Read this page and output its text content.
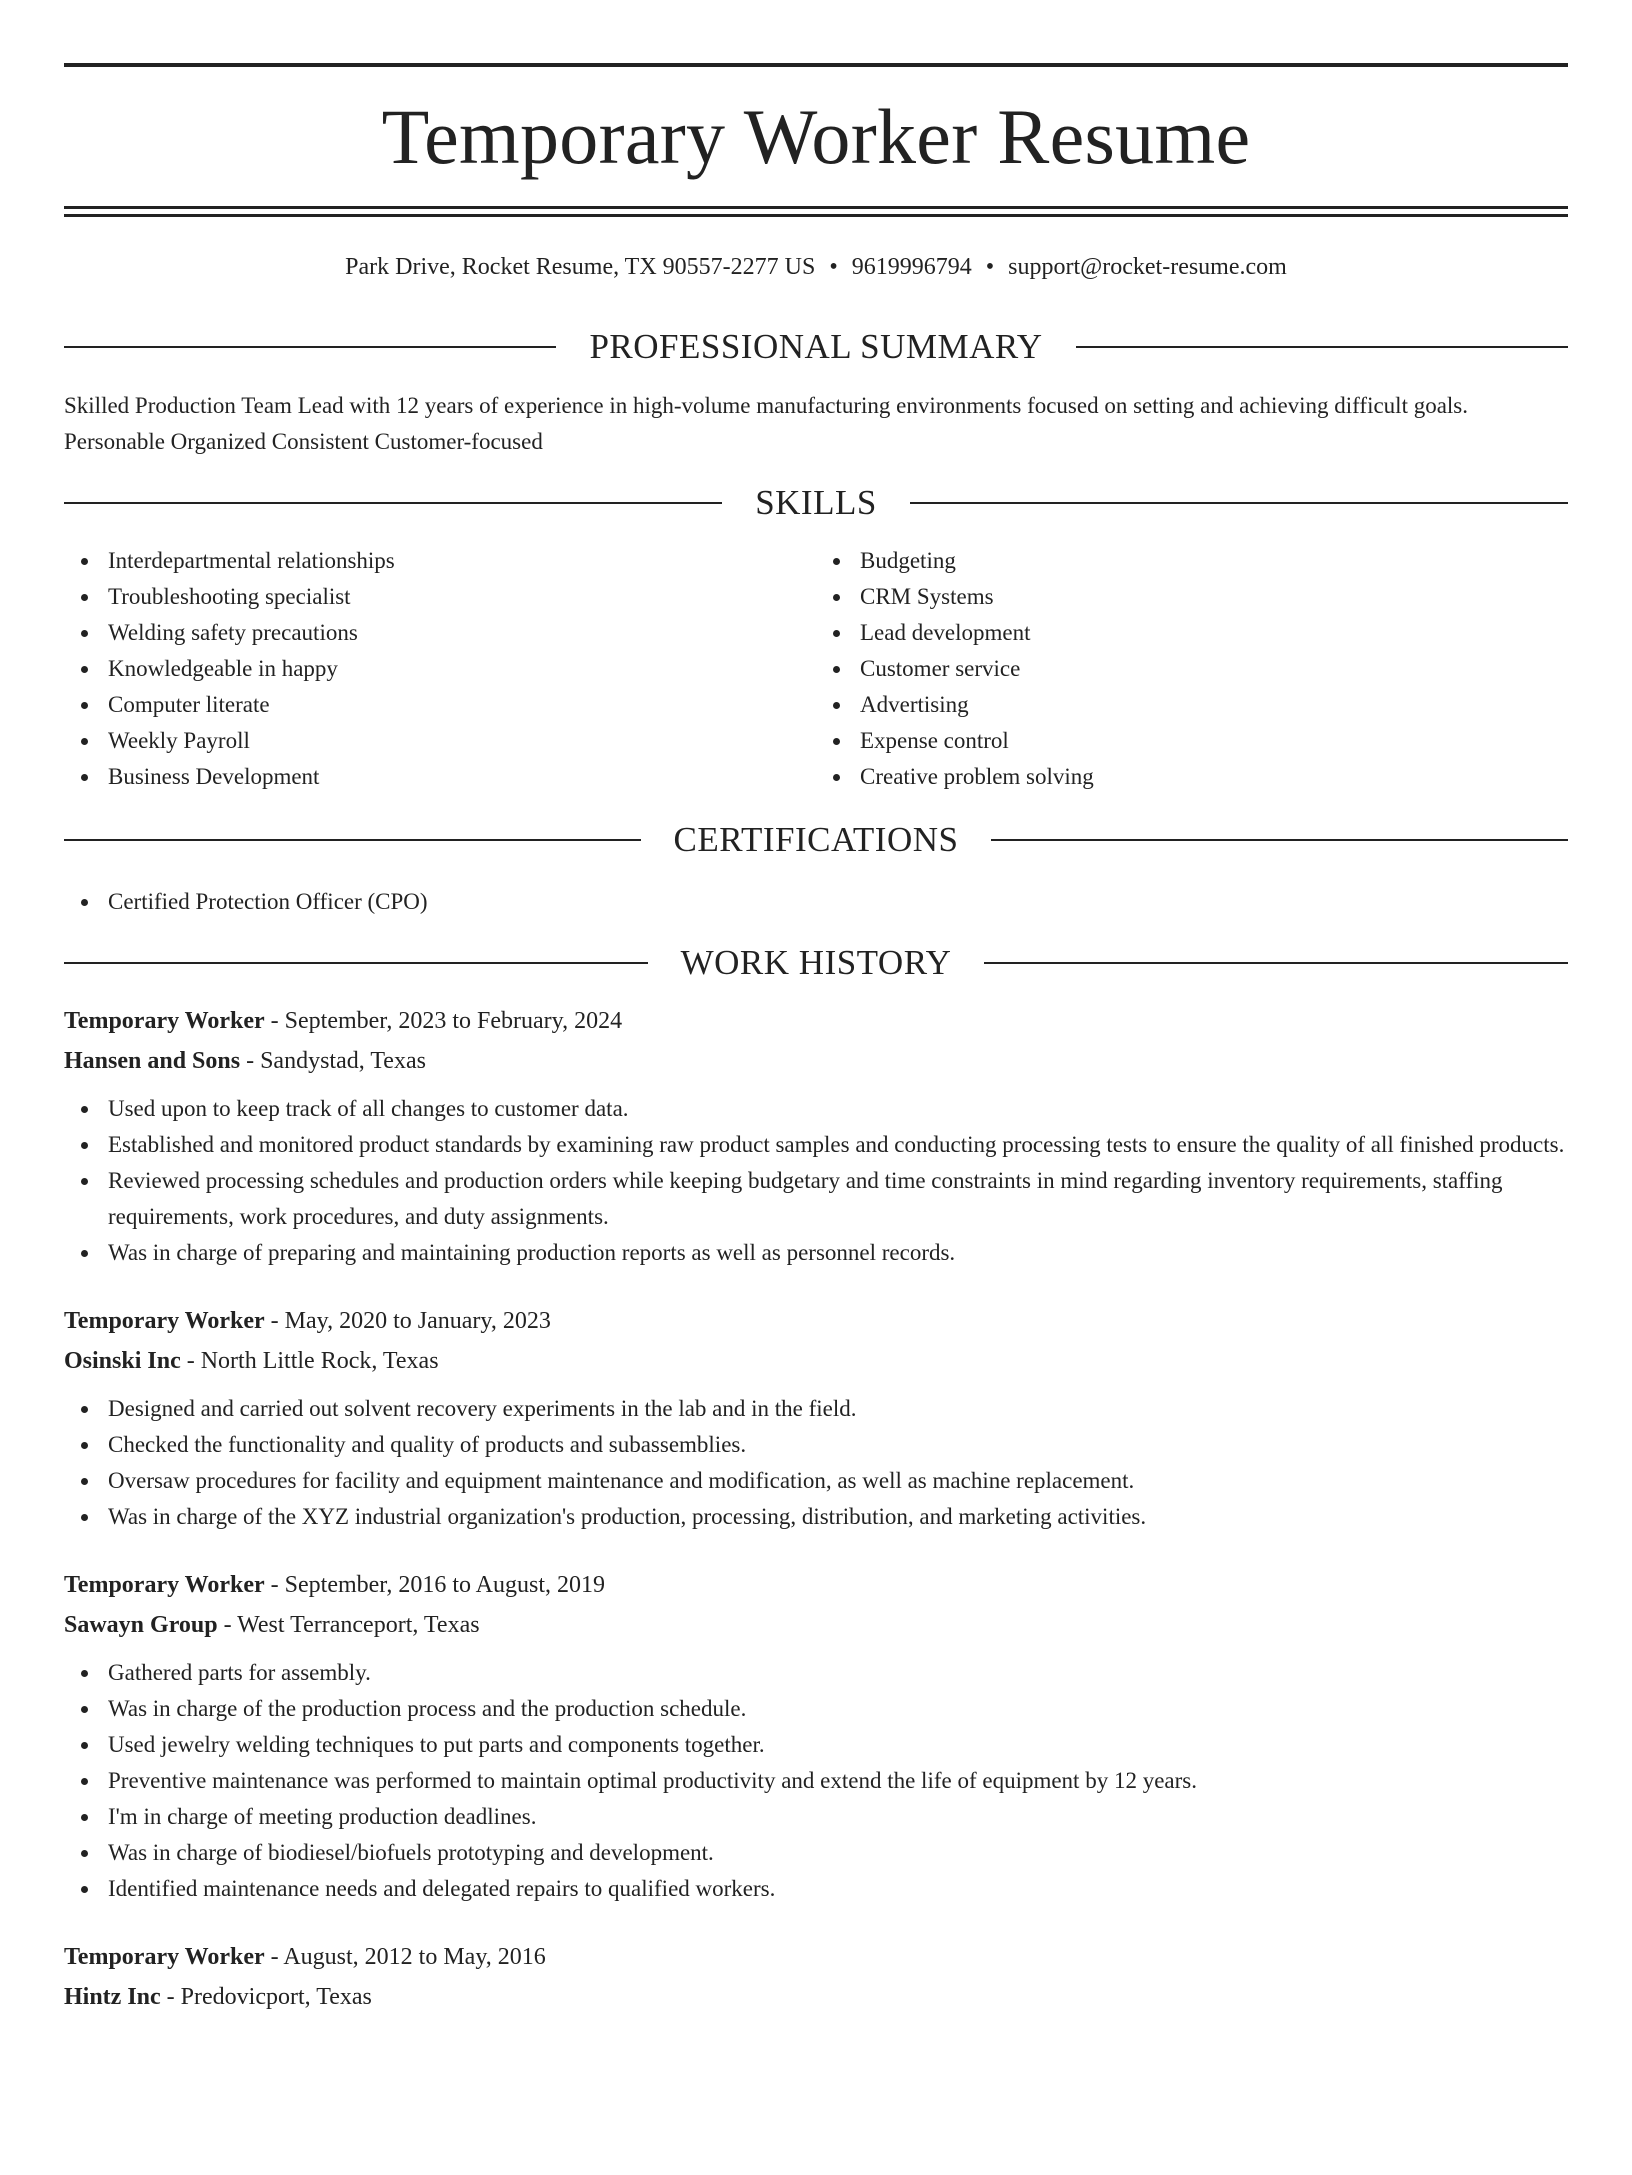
Temporary Worker Resume
Park Drive, Rocket Resume, TX 90557-2277 US • 9619996794 • support@rocket-resume.com
PROFESSIONAL SUMMARY

Skilled Production Team Lead with 12 years of experience in high-volume manufacturing environments focused on setting and achieving difficult goals. Personable Organized Consistent Customer-focused

SKILLS
Interdepartmental relationships
Troubleshooting specialist
Welding safety precautions
Knowledgeable in happy
Computer literate
Weekly Payroll
Business Development
Budgeting
CRM Systems
Lead development
Customer service
Advertising
Expense control
Creative problem solving
CERTIFICATIONS
Certified Protection Officer (CPO)
WORK HISTORY
Temporary Worker - September, 2023 to February, 2024
Hansen and Sons - Sandystad, Texas
Used upon to keep track of all changes to customer data.
Established and monitored product standards by examining raw product samples and conducting processing tests to ensure the quality of all finished products.
Reviewed processing schedules and production orders while keeping budgetary and time constraints in mind regarding inventory requirements, staffing requirements, work procedures, and duty assignments.
Was in charge of preparing and maintaining production reports as well as personnel records.
Temporary Worker - May, 2020 to January, 2023
Osinski Inc - North Little Rock, Texas
Designed and carried out solvent recovery experiments in the lab and in the field.
Checked the functionality and quality of products and subassemblies.
Oversaw procedures for facility and equipment maintenance and modification, as well as machine replacement.
Was in charge of the XYZ industrial organization's production, processing, distribution, and marketing activities.
Temporary Worker - September, 2016 to August, 2019
Sawayn Group - West Terranceport, Texas
Gathered parts for assembly.
Was in charge of the production process and the production schedule.
Used jewelry welding techniques to put parts and components together.
Preventive maintenance was performed to maintain optimal productivity and extend the life of equipment by 12 years.
I'm in charge of meeting production deadlines.
Was in charge of biodiesel/biofuels prototyping and development.
Identified maintenance needs and delegated repairs to qualified workers.
Temporary Worker - August, 2012 to May, 2016
Hintz Inc - Predovicport, Texas
